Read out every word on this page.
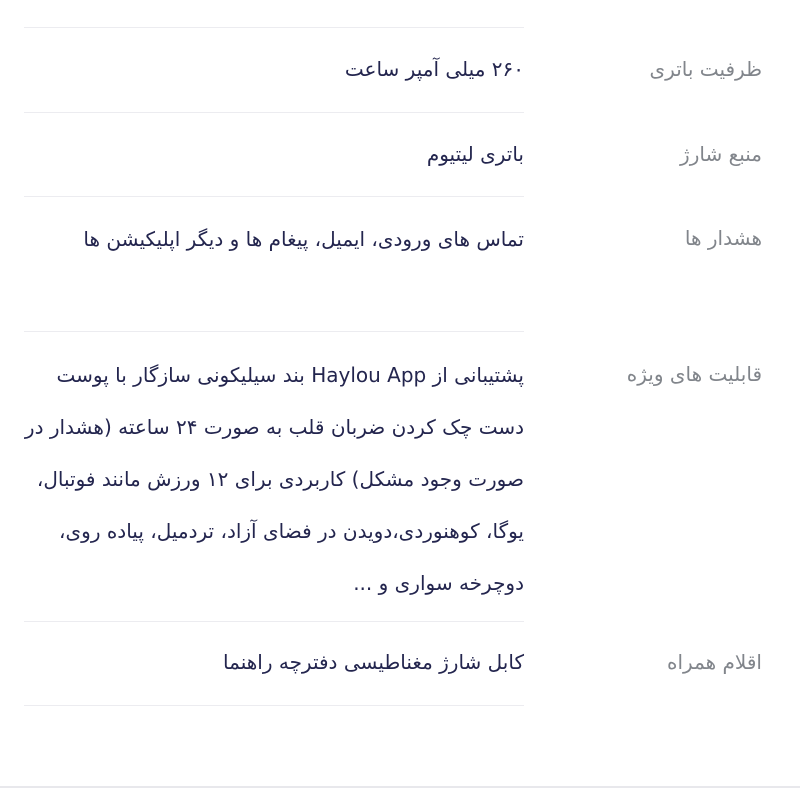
ظرفیت باتری
۲۶۰ میلی آمپر ساعت
منبع شارژ
باتری لیتیوم
هشدار ها
تماس های ورودی، ایمیل، پیغام ها و دیگر اپلیکیشن ها
قابلیت های ویژه
پشتیبانی از Haylou App بند سیلیکونی سازگار با پوست دست چک کردن ضربان قلب به صورت ۲۴ ساعته (هشدار در صورت وجود مشکل) کاربردی برای ۱۲ ورزش مانند فوتبال، یوگا، کوهنوردی،دویدن در فضای آزاد، تردمیل، پیاده روی، دوچرخه سواری و ...
اقلام همراه
کابل شارژ مغناطیسی دفترچه راهنما
